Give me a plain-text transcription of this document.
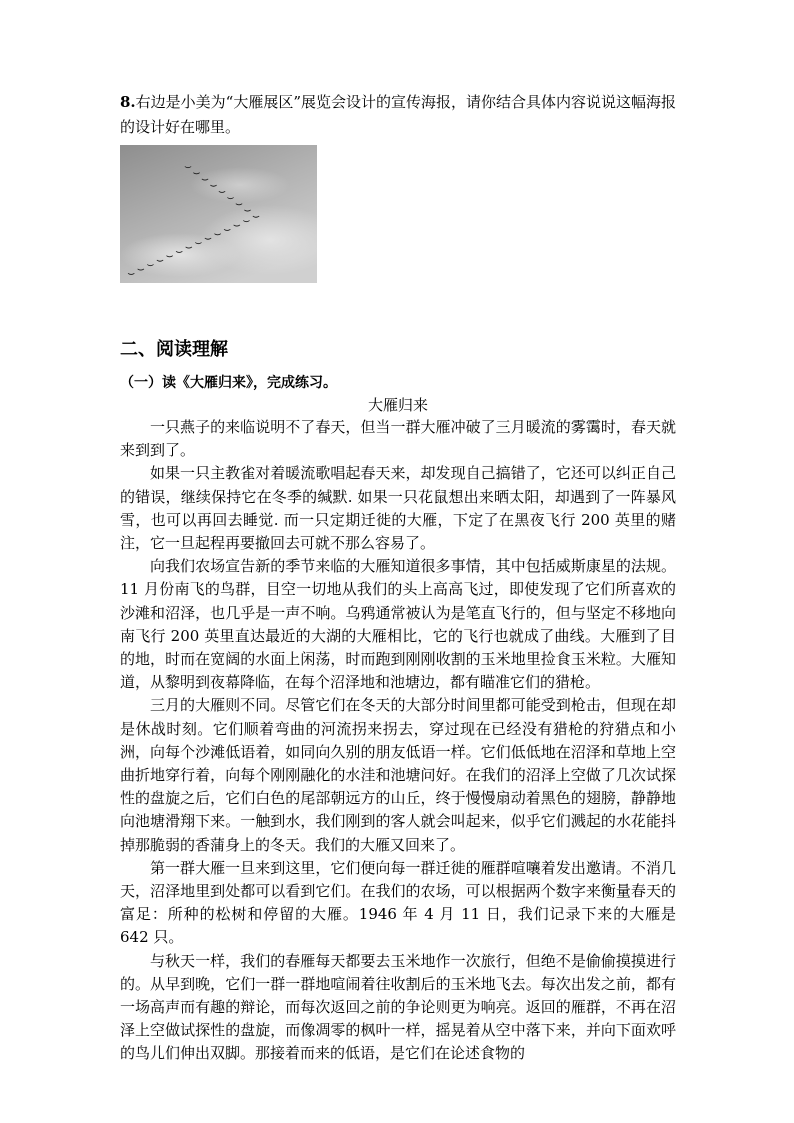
8.右边是小美为“大雁展区”展览会设计的宣传海报，请你结合具体内容说说这幅海报的设计好在哪里。

二、阅读理解
（一）读《大雁归来》，完成练习。

大雁归来

一只燕子的来临说明不了春天，但当一群大雁冲破了三月暖流的雾霭时，春天就来到到了。

如果一只主教雀对着暖流歌唱起春天来，却发现自己搞错了，它还可以纠正自己的错误，继续保持它在冬季的缄默. 如果一只花鼠想出来晒太阳，却遇到了一阵暴风雪，也可以再回去睡觉. 而一只定期迁徙的大雁，下定了在黑夜飞行 200 英里的赌注，它一旦起程再要撤回去可就不那么容易了。

向我们农场宣告新的季节来临的大雁知道很多事情，其中包括威斯康星的法规。11 月份南飞的鸟群，目空一切地从我们的头上高高飞过，即使发现了它们所喜欢的沙滩和沼泽，也几乎是一声不响。乌鸦通常被认为是笔直飞行的，但与坚定不移地向南飞行 200 英里直达最近的大湖的大雁相比，它的飞行也就成了曲线。大雁到了目的地，时而在宽阔的水面上闲荡，时而跑到刚刚收割的玉米地里捡食玉米粒。大雁知道，从黎明到夜幕降临，在每个沼泽地和池塘边，都有瞄准它们的猎枪。

三月的大雁则不同。尽管它们在冬天的大部分时间里都可能受到枪击，但现在却是休战时刻。它们顺着弯曲的河流拐来拐去，穿过现在已经没有猎枪的狩猎点和小洲，向每个沙滩低语着，如同向久别的朋友低语一样。它们低低地在沼泽和草地上空曲折地穿行着，向每个刚刚融化的水洼和池塘问好。在我们的沼泽上空做了几次试探性的盘旋之后，它们白色的尾部朝远方的山丘，终于慢慢扇动着黑色的翅膀，静静地向池塘滑翔下来。一触到水，我们刚到的客人就会叫起来，似乎它们溅起的水花能抖掉那脆弱的香蒲身上的冬天。我们的大雁又回来了。

第一群大雁一旦来到这里，它们便向每一群迁徙的雁群喧嚷着发出邀请。不消几天，沼泽地里到处都可以看到它们。在我们的农场，可以根据两个数字来衡量春天的富足：所种的松树和停留的大雁。1946 年 4 月 11 日，我们记录下来的大雁是 642 只。

与秋天一样，我们的春雁每天都要去玉米地作一次旅行，但绝不是偷偷摸摸进行的。从早到晚，它们一群一群地喧闹着往收割后的玉米地飞去。每次出发之前，都有一场高声而有趣的辩论，而每次返回之前的争论则更为响亮。返回的雁群，不再在沼泽上空做试探性的盘旋，而像凋零的枫叶一样，摇晃着从空中落下来，并向下面欢呼的鸟儿们伸出双脚。那接着而来的低语，是它们在论述食物的
